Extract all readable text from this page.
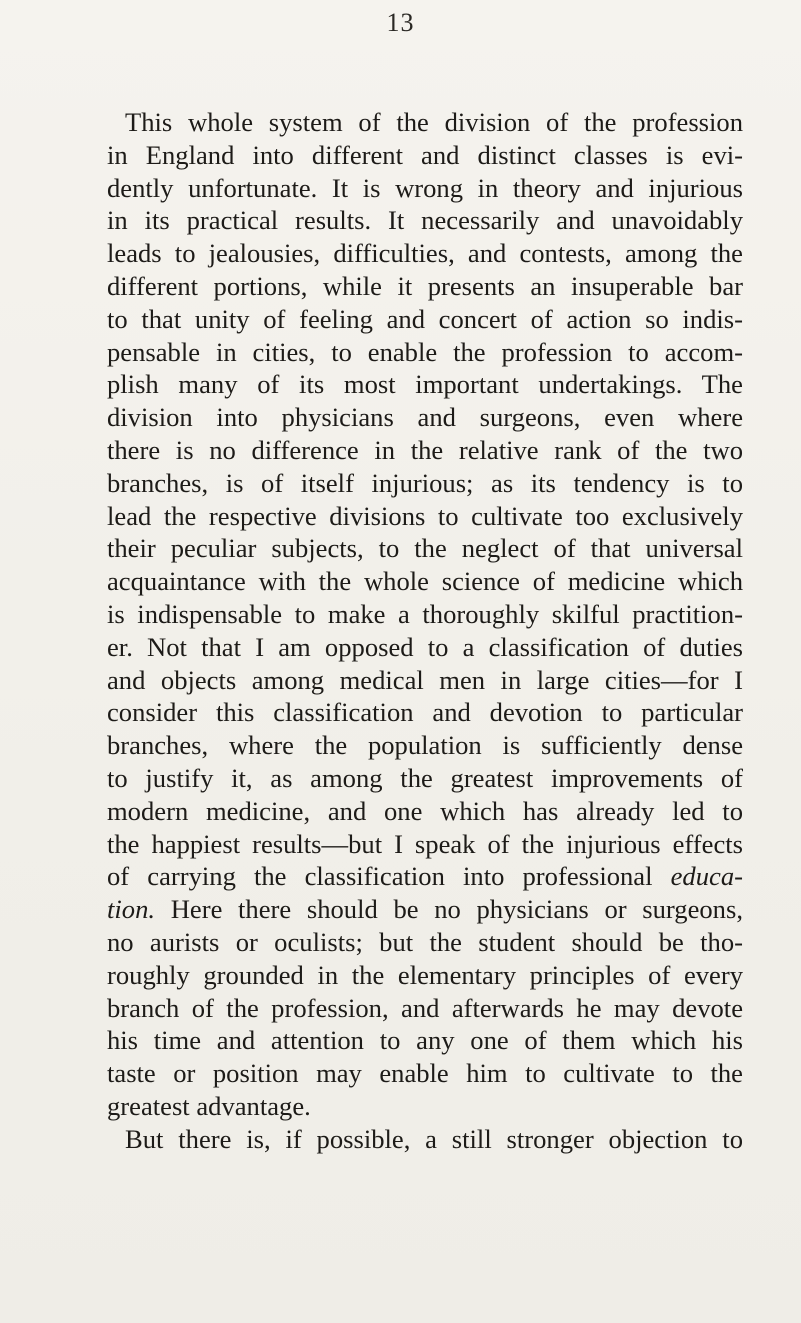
13
This whole system of the division of the profession
in England into different and distinct classes is evi-
dently unfortunate. It is wrong in theory and injurious
in its practical results. It necessarily and unavoidably
leads to jealousies, difficulties, and contests, among the
different portions, while it presents an insuperable bar
to that unity of feeling and concert of action so indis-
pensable in cities, to enable the profession to accom-
plish many of its most important undertakings. The
division into physicians and surgeons, even where
there is no difference in the relative rank of the two
branches, is of itself injurious; as its tendency is to
lead the respective divisions to cultivate too exclusively
their peculiar subjects, to the neglect of that universal
acquaintance with the whole science of medicine which
is indispensable to make a thoroughly skilful practition-
er. Not that I am opposed to a classification of duties
and objects among medical men in large cities—for I
consider this classification and devotion to particular
branches, where the population is sufficiently dense
to justify it, as among the greatest improvements of
modern medicine, and one which has already led to
the happiest results—but I speak of the injurious effects
of carrying the classification into professional educa-
tion. Here there should be no physicians or surgeons,
no aurists or oculists; but the student should be tho-
roughly grounded in the elementary principles of every
branch of the profession, and afterwards he may devote
his time and attention to any one of them which his
taste or position may enable him to cultivate to the
greatest advantage.
But there is, if possible, a still stronger objection to
